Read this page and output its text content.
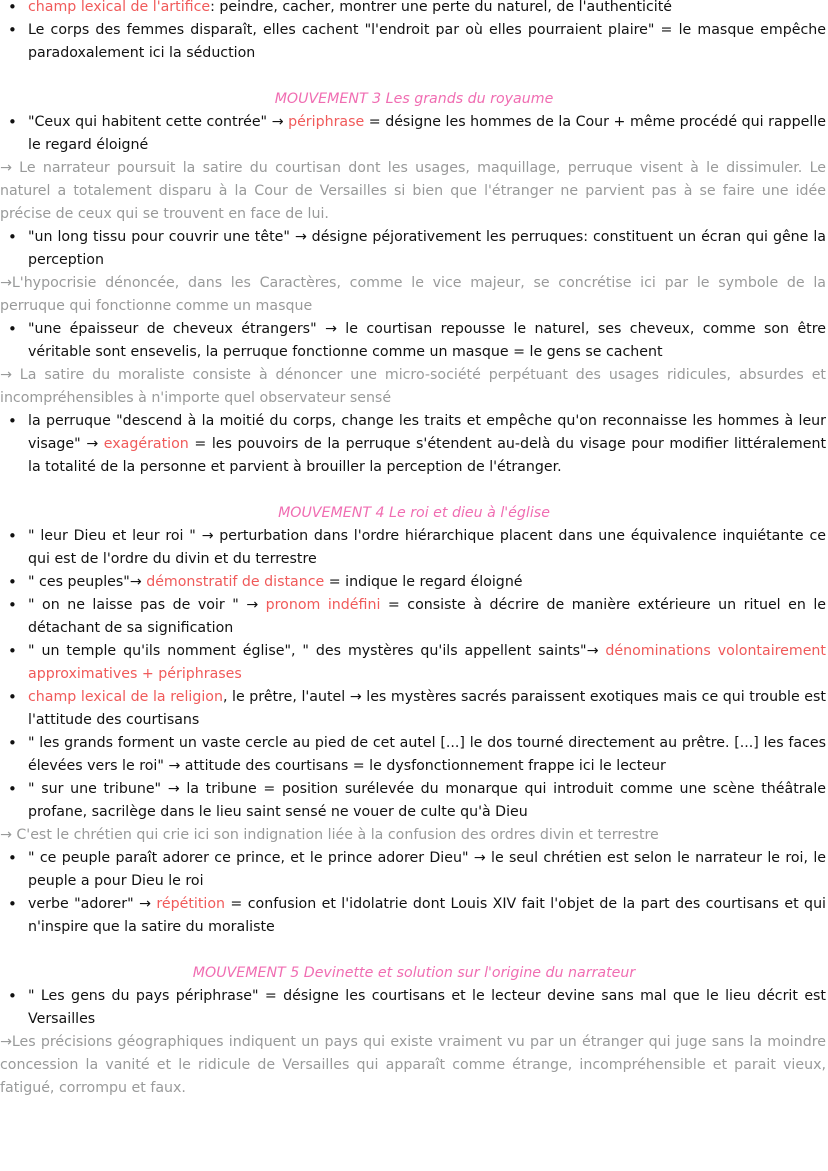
• champ lexical de l'artifice: peindre, cacher, montrer une perte du naturel, de l'authenticité

• Le corps des femmes disparaît, elles cachent "l'endroit par où elles pourraient plaire" = le masque empêche paradoxalement ici la séduction

MOUVEMENT 3 Les grands du royaume

• "Ceux qui habitent cette contrée" → périphrase = désigne les hommes de la Cour + même procédé qui rappelle le regard éloigné

→ Le narrateur poursuit la satire du courtisan dont les usages, maquillage, perruque visent à le dissimuler. Le naturel a totalement disparu à la Cour de Versailles si bien que l'étranger ne parvient pas à se faire une idée précise de ceux qui se trouvent en face de lui.

• "un long tissu pour couvrir une tête" → désigne péjorativement les perruques: constituent un écran qui gêne la perception

→L'hypocrisie dénoncée, dans les Caractères, comme le vice majeur, se concrétise ici par le symbole de la perruque qui fonctionne comme un masque

• "une épaisseur de cheveux étrangers" → le courtisan repousse le naturel, ses cheveux, comme son être véritable sont ensevelis, la perruque fonctionne comme un masque = le gens se cachent

→ La satire du moraliste consiste à dénoncer une micro-société perpétuant des usages ridicules, absurdes et incompréhensibles à n'importe quel observateur sensé

• la perruque "descend à la moitié du corps, change les traits et empêche qu'on reconnaisse les hommes à leur visage" → exagération = les pouvoirs de la perruque s'étendent au-delà du visage pour modifier littéralement la totalité de la personne et parvient à brouiller la perception de l'étranger.

MOUVEMENT 4 Le roi et dieu à l'église

• " leur Dieu et leur roi " → perturbation dans l'ordre hiérarchique placent dans une équivalence inquiétante ce qui est de l'ordre du divin et du terrestre

• " ces peuples"→ démonstratif de distance = indique le regard éloigné

• " on ne laisse pas de voir " → pronom indéfini = consiste à décrire de manière extérieure un rituel en le détachant de sa signification

• " un temple qu'ils nomment église", " des mystères qu'ils appellent saints"→ dénominations volontairement approximatives + périphrases

• champ lexical de la religion, le prêtre, l'autel → les mystères sacrés paraissent exotiques mais ce qui trouble est l'attitude des courtisans

• " les grands forment un vaste cercle au pied de cet autel [...] le dos tourné directement au prêtre. [...] les faces élevées vers le roi" → attitude des courtisans = le dysfonctionnement frappe ici le lecteur

• " sur une tribune" → la tribune = position surélevée du monarque qui introduit comme une scène théâtrale profane, sacrilège dans le lieu saint sensé ne vouer de culte qu'à Dieu

→ C'est le chrétien qui crie ici son indignation liée à la confusion des ordres divin et terrestre

• " ce peuple paraît adorer ce prince, et le prince adorer Dieu" → le seul chrétien est selon le narrateur le roi, le peuple a pour Dieu le roi

• verbe "adorer" → répétition = confusion et l'idolatrie dont Louis XIV fait l'objet de la part des courtisans et qui n'inspire que la satire du moraliste

MOUVEMENT 5 Devinette et solution sur l'origine du narrateur

• " Les gens du pays périphrase" = désigne les courtisans et le lecteur devine sans mal que le lieu décrit est Versailles

→Les précisions géographiques indiquent un pays qui existe vraiment vu par un étranger qui juge sans la moindre concession la vanité et le ridicule de Versailles qui apparaît comme étrange, incompréhensible et parait vieux, fatigué, corrompu et faux.
